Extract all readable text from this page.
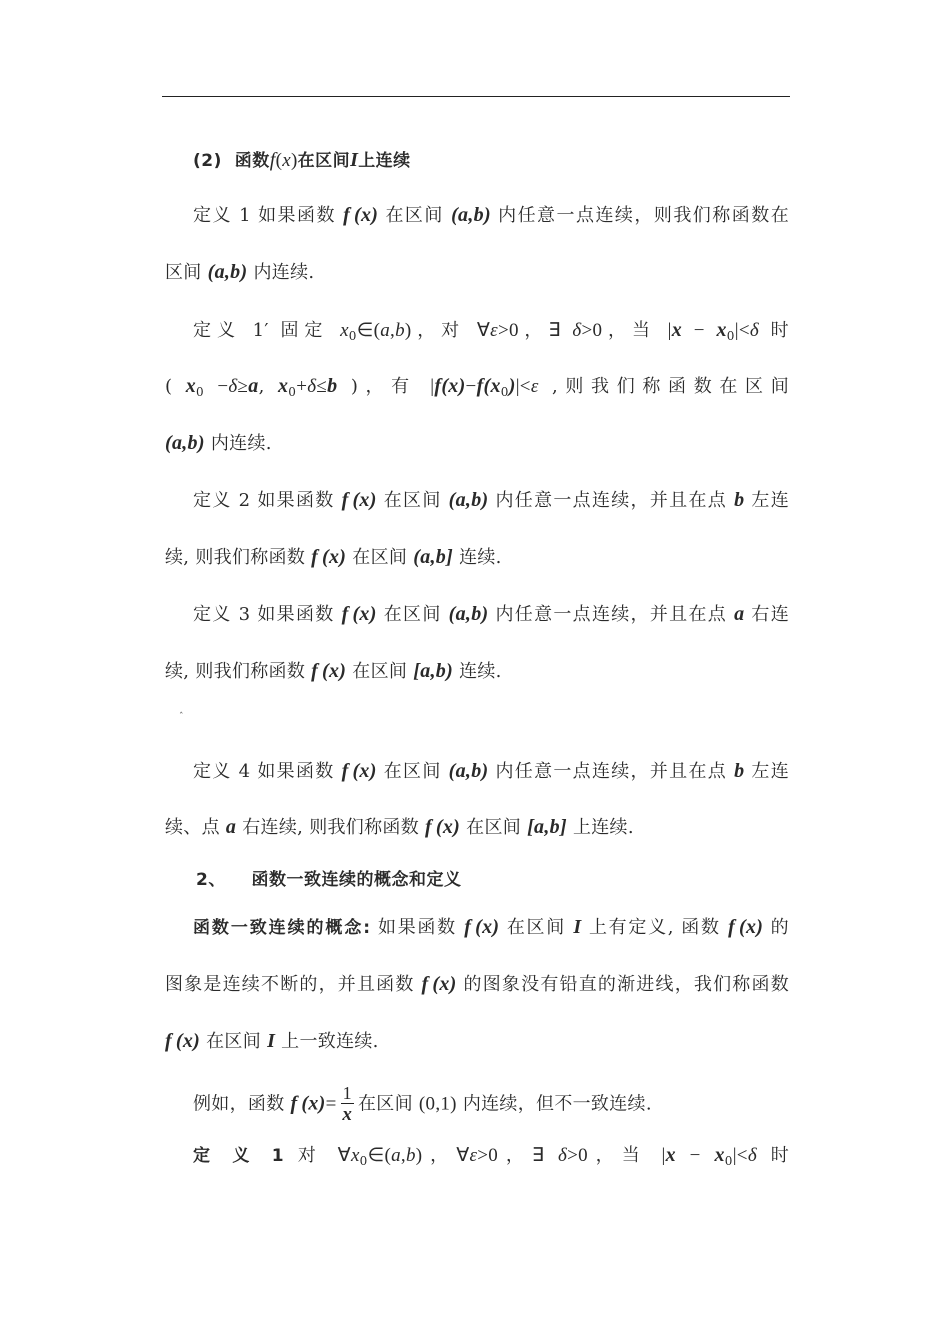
(2)  函数f(x)在区间I上连续
定义 1 如果函数 f  (x) 在区间 (a,b) 内任意一点连续，则我们称函数在
区间 (a,b) 内连续.
定义 1′ 固定 $x_0\in(a,b)$，对 ∀ε>0，∃ δ>0，当 $|x - x_0|<\delta$ 时
( $x_0 -\delta\ge a$, $x_0+\delta\le b$ )，有 $|f(x)-f(x_0)|<\varepsilon$ ,则我们称函数在区间
(a,b) 内连续.
定义 2 如果函数 f  (x) 在区间 (a,b) 内任意一点连续，并且在点 b 左连
续, 则我们称函数 f  (x) 在区间 (a,b] 连续.
定义 3 如果函数 f  (x) 在区间 (a,b) 内任意一点连续，并且在点 a 右连
续, 则我们称函数 f  (x) 在区间 [a,b) 连续.
ˆ
定义 4 如果函数 f  (x) 在区间 (a,b) 内任意一点连续，并且在点 b 左连
续、点 a 右连续, 则我们称函数 f  (x) 在区间 [a,b] 上连续.
2、    函数一致连续的概念和定义
函数一致连续的概念: 如果函数 f  (x) 在区间 I 上有定义, 函数 f  (x) 的
图象是连续不断的，并且函数 f  (x) 的图象没有铅直的渐进线，我们称函数
f  (x) 在区间 I 上一致连续.
例如，函数 f  $(x)= \frac{1}{x}$ 在区间 (0,1) 内连续，但不一致连续.
定 义 1 对 $\forall x_0\in(a,b)$，∀ε>0，∃ δ>0，当 $|x - x_0|<\delta$ 时
